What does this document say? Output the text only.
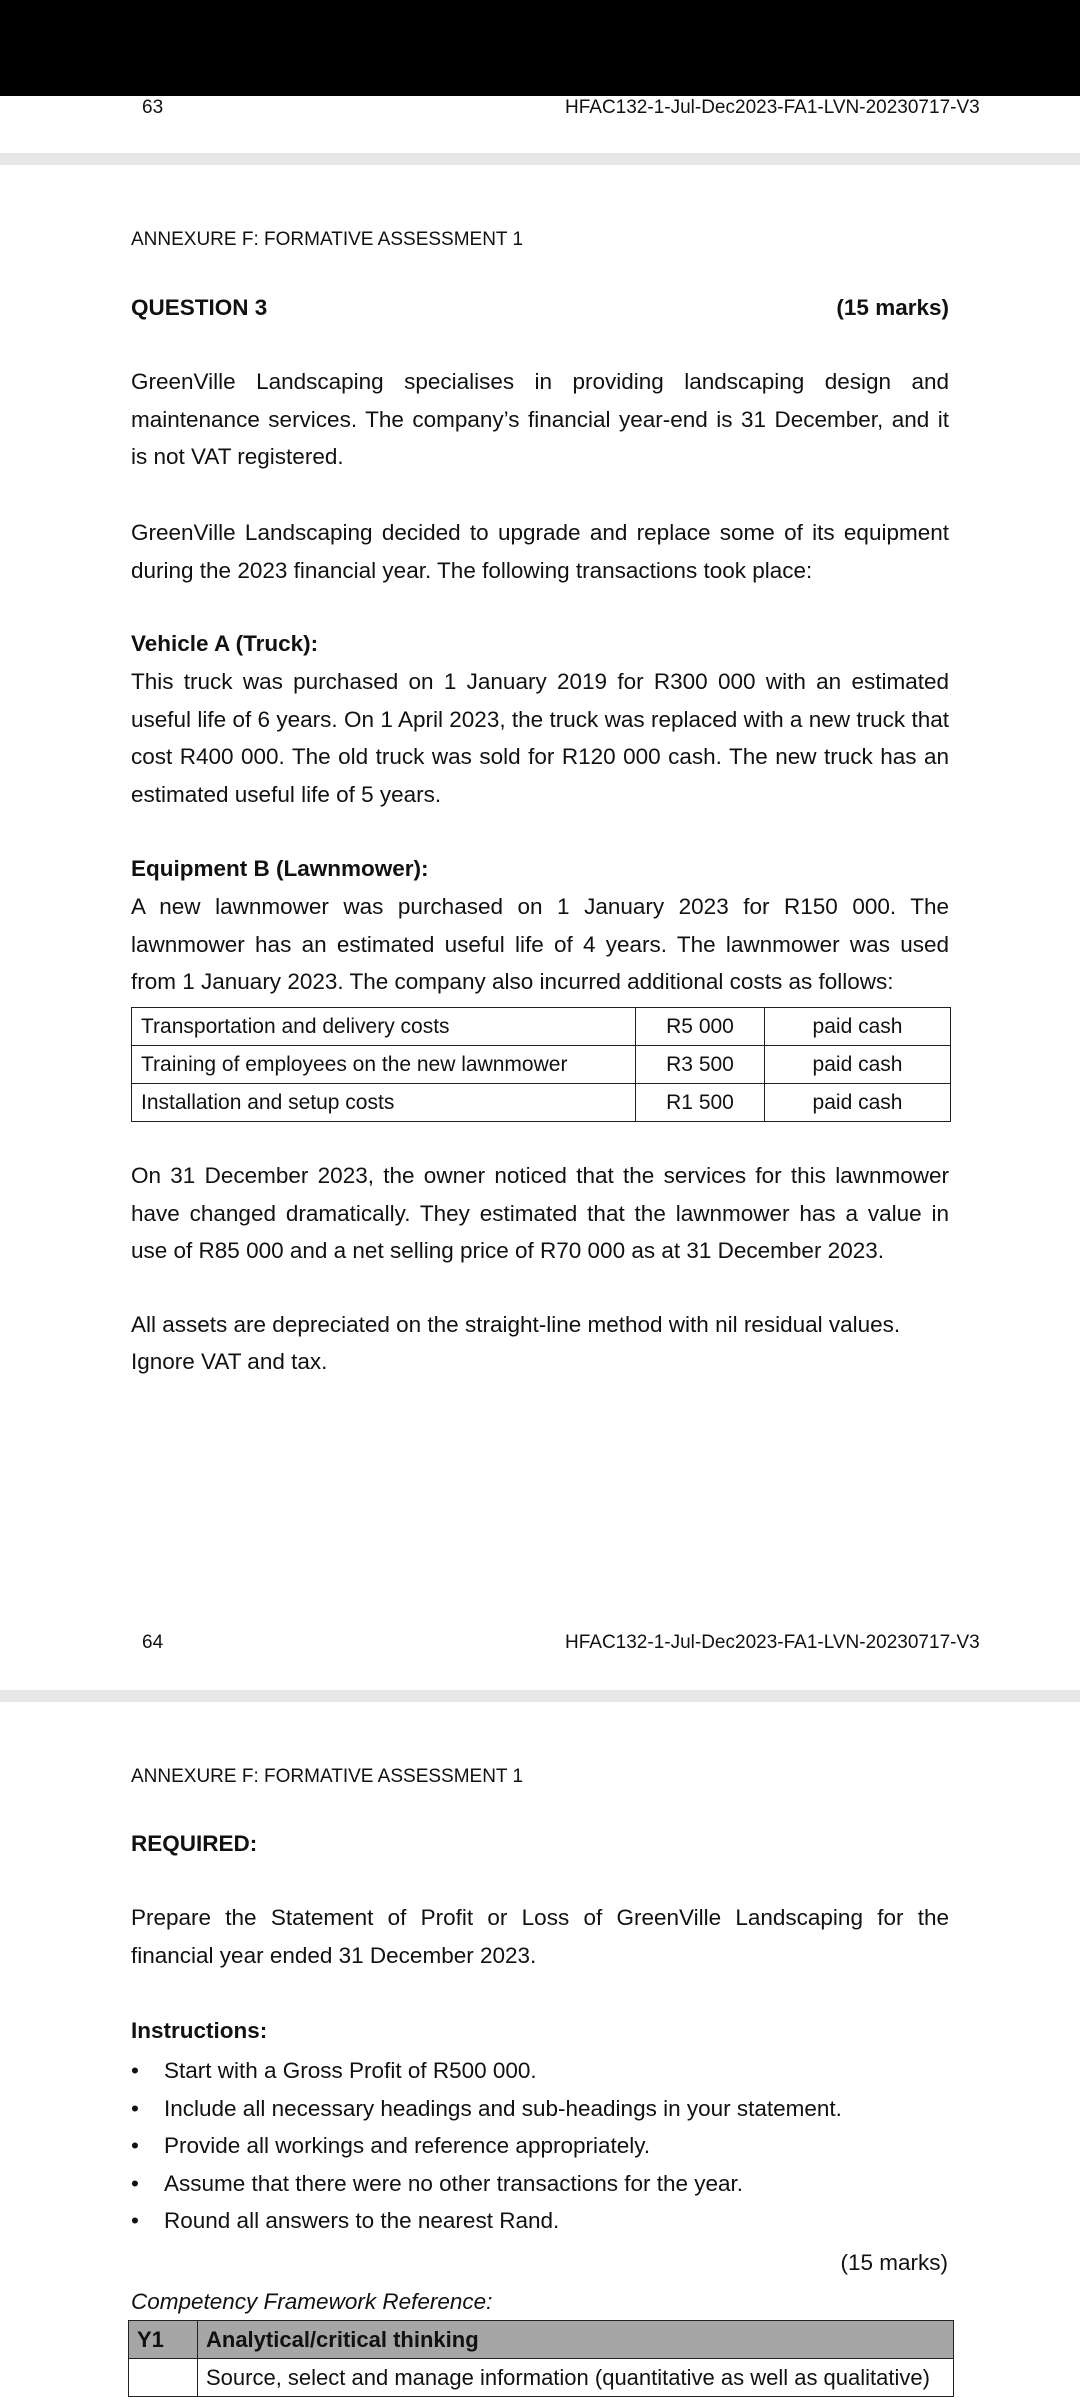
63	HFAC132-1-Jul-Dec2023-FA1-LVN-20230717-V3
ANNEXURE F: FORMATIVE ASSESSMENT 1
QUESTION 3	(15 marks)

GreenVille Landscaping specialises in providing landscaping design and maintenance services. The company’s financial year-end is 31 December, and it is not VAT registered.

GreenVille Landscaping decided to upgrade and replace some of its equipment during the 2023 financial year. The following transactions took place:

Vehicle A (Truck):

This truck was purchased on 1 January 2019 for R300 000 with an estimated useful life of 6 years. On 1 April 2023, the truck was replaced with a new truck that cost R400 000. The old truck was sold for R120 000 cash. The new truck has an estimated useful life of 5 years.

Equipment B (Lawnmower):

A new lawnmower was purchased on 1 January 2023 for R150 000. The lawnmower has an estimated useful life of 4 years. The lawnmower was used from 1 January 2023. The company also incurred additional costs as follows:

Transportation and delivery costs	R5 000	paid cash
Training of employees on the new lawnmower	R3 500	paid cash
Installation and setup costs	R1 500	paid cash

On 31 December 2023, the owner noticed that the services for this lawnmower have changed dramatically. They estimated that the lawnmower has a value in use of R85 000 and a net selling price of R70 000 as at 31 December 2023.

All assets are depreciated on the straight-line method with nil residual values.

Ignore VAT and tax.

64	HFAC132-1-Jul-Dec2023-FA1-LVN-20230717-V3
ANNEXURE F: FORMATIVE ASSESSMENT 1
REQUIRED:

Prepare the Statement of Profit or Loss of GreenVille Landscaping for the financial year ended 31 December 2023.

Instructions:
• Start with a Gross Profit of R500 000.
• Include all necessary headings and sub-headings in your statement.
• Provide all workings and reference appropriately.
• Assume that there were no other transactions for the year.
• Round all answers to the nearest Rand.
(15 marks)
Competency Framework Reference:
Y1	Analytical/critical thinking
	Source, select and manage information (quantitative as well as qualitative)
